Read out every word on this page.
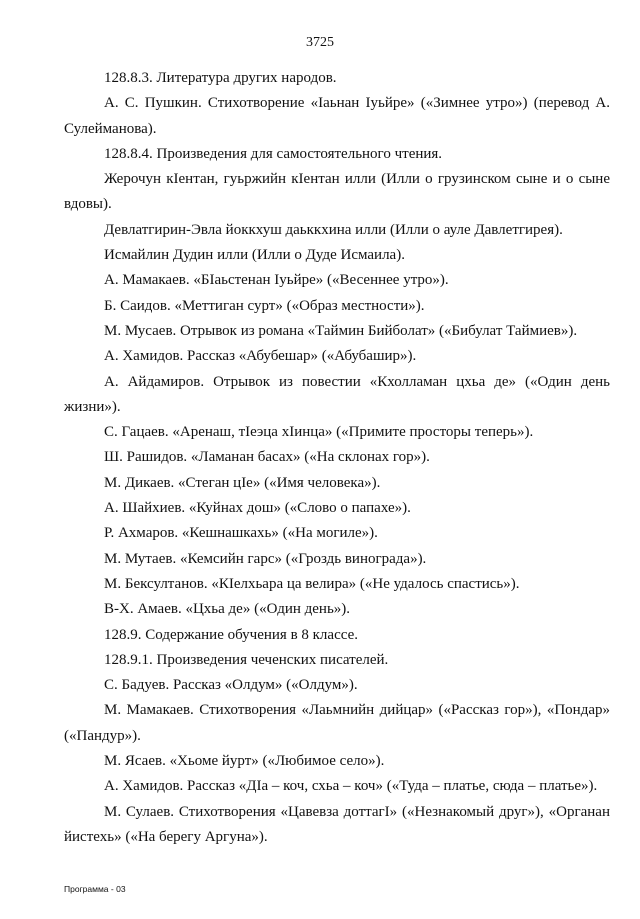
3725

128.8.3. Литература других народов.

А. С. Пушкин. Стихотворение «Іаьнан Іуьйре» («Зимнее утро») (перевод А. Сулейманова).

128.8.4. Произведения для самостоятельного чтения.

Жерочун кІентан, гуьржийн кІентан илли (Илли о грузинском сыне и о сыне вдовы).

Девлатгирин-Эвла йоккхуш даьккхина илли (Илли о ауле Давлетгирея).

Исмайлин Дудин илли (Илли о Дуде Исмаила).

А. Мамакаев. «БІаьстенан Іуьйре» («Весеннее утро»).

Б. Саидов. «Меттиган сурт» («Образ местности»).

М. Мусаев. Отрывок из романа «Таймин Бийболат» («Бибулат Таймиев»).

А. Хамидов. Рассказ «Абубешар» («Абубашир»).

А. Айдамиров. Отрывок из повестии «Кхолламан цхьа де» («Один день жизни»).

С. Гацаев. «Аренаш, тІеэца хІинца» («Примите просторы теперь»).

Ш. Рашидов. «Ламанан басах» («На склонах гор»).

М. Дикаев. «Стеган цІе» («Имя человека»).

А. Шайхиев. «Куйнах дош» («Слово о папахе»).

Р. Ахмаров. «Кешнашкахь» («На могиле»).

М. Мутаев. «Кемсийн гарс» («Гроздь винограда»).

М. Бексултанов. «КІелхьара ца велира» («Не удалось спастись»).

В-Х. Амаев. «Цхьа де» («Один день»).

128.9. Содержание обучения в 8 классе.

128.9.1. Произведения чеченских писателей.

С. Бадуев. Рассказ «Олдум» («Олдум»).

М. Мамакаев. Стихотворения «Лаьмнийн дийцар» («Рассказ гор»), «Пондар» («Пандур»).

М. Ясаев. «Хьоме йурт» («Любимое село»).

А. Хамидов. Рассказ «ДІа – коч, схьа – коч» («Туда – платье, сюда – платье»).

М. Сулаев. Стихотворения «Цавевза доттагІ» («Незнакомый друг»), «Органан йистехь» («На берегу Аргуна»).

Программа - 03
